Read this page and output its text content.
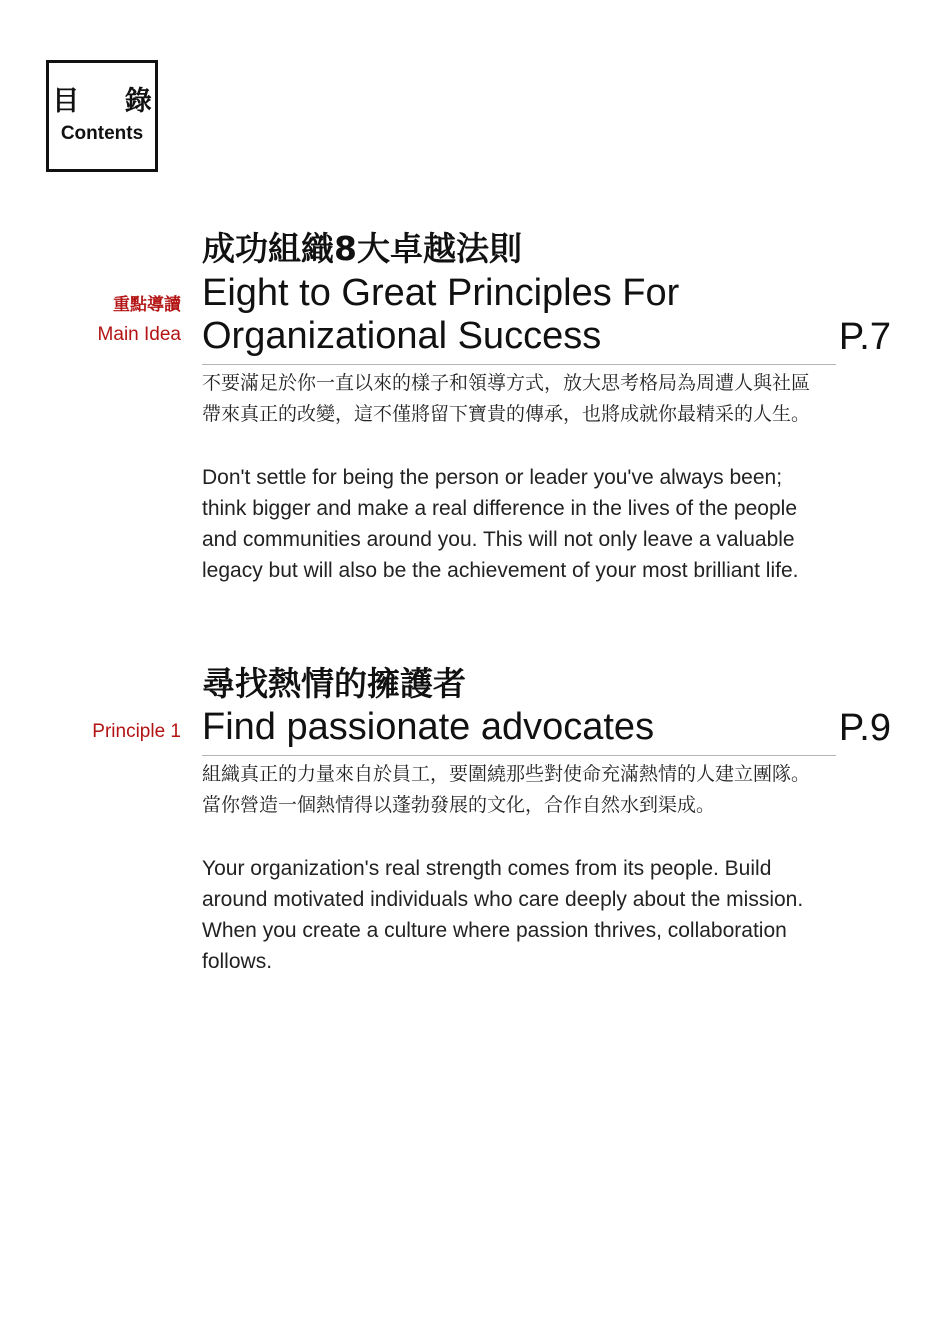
目 錄
Contents
成功組織8大卓越法則
重點導讀
Main Idea
Eight to Great Principles For
Organizational Success	P.7
不要滿足於你一直以來的樣子和領導方式，放大思考格局為周遭人與社區帶來真正的改變，這不僅將留下寶貴的傳承，也將成就你最精采的人生。
Don't settle for being the person or leader you've always been; think bigger and make a real difference in the lives of the people and communities around you. This will not only leave a valuable legacy but will also be the achievement of your most brilliant life.
尋找熱情的擁護者
Principle 1 Find passionate advocates	P.9
組織真正的力量來自於員工，要圍繞那些對使命充滿熱情的人建立團隊。當你營造一個熱情得以蓬勃發展的文化，合作自然水到渠成。
Your organization's real strength comes from its people. Build around motivated individuals who care deeply about the mission. When you create a culture where passion thrives, collaboration follows.
